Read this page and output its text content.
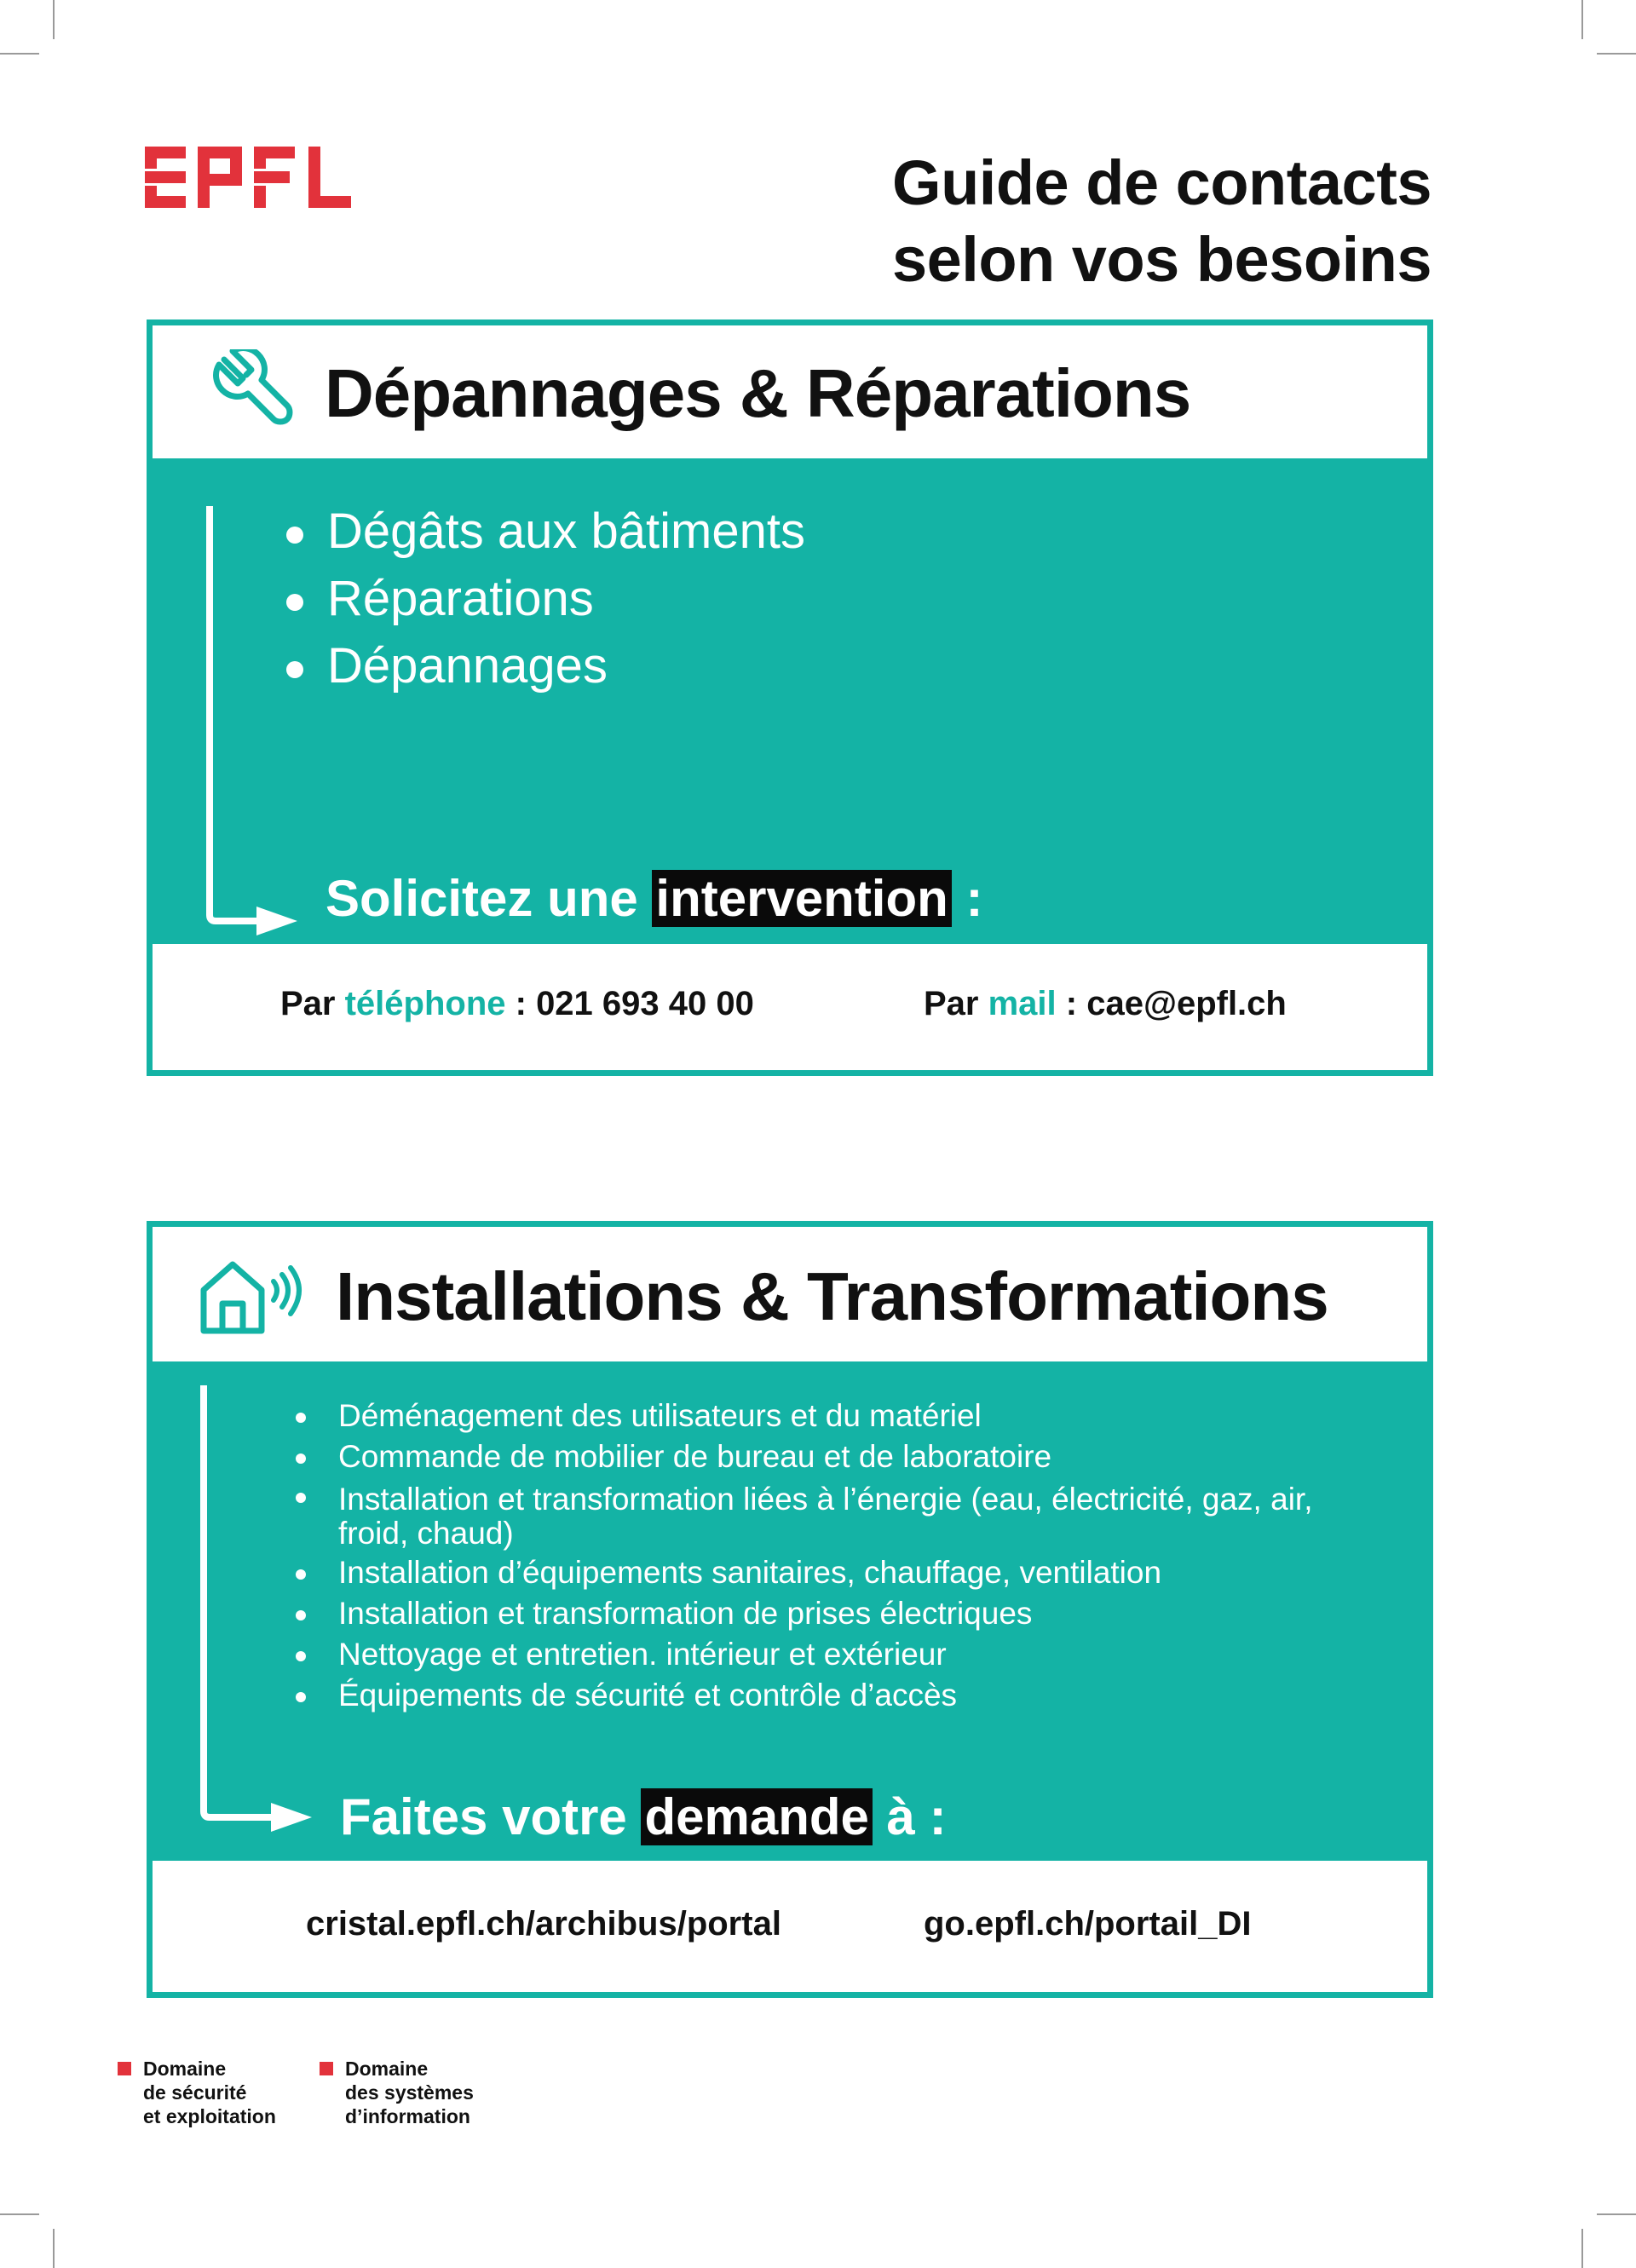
Guide de contacts
selon vos besoins
Dépannages & Réparations
Dégâts aux bâtiments
Réparations
Dépannages
Solicitez une intervention :
Par téléphone : 021 693 40 00	Par mail : cae@epfl.ch
Installations & Transformations
Déménagement des utilisateurs et du matériel
Commande de mobilier de bureau et de laboratoire
Installation et transformation liées à l’énergie (eau, électricité, gaz, air,
froid, chaud)
Installation d’équipements sanitaires, chauffage, ventilation
Installation et transformation de prises électriques
Nettoyage et entretien. intérieur et extérieur
Équipements de sécurité et contrôle d’accès
Faites votre demande à :
cristal.epfl.ch/archibus/portal	go.epfl.ch/portail_DI
Domaine
de sécurité
et exploitation
Domaine
des systèmes
d’information
